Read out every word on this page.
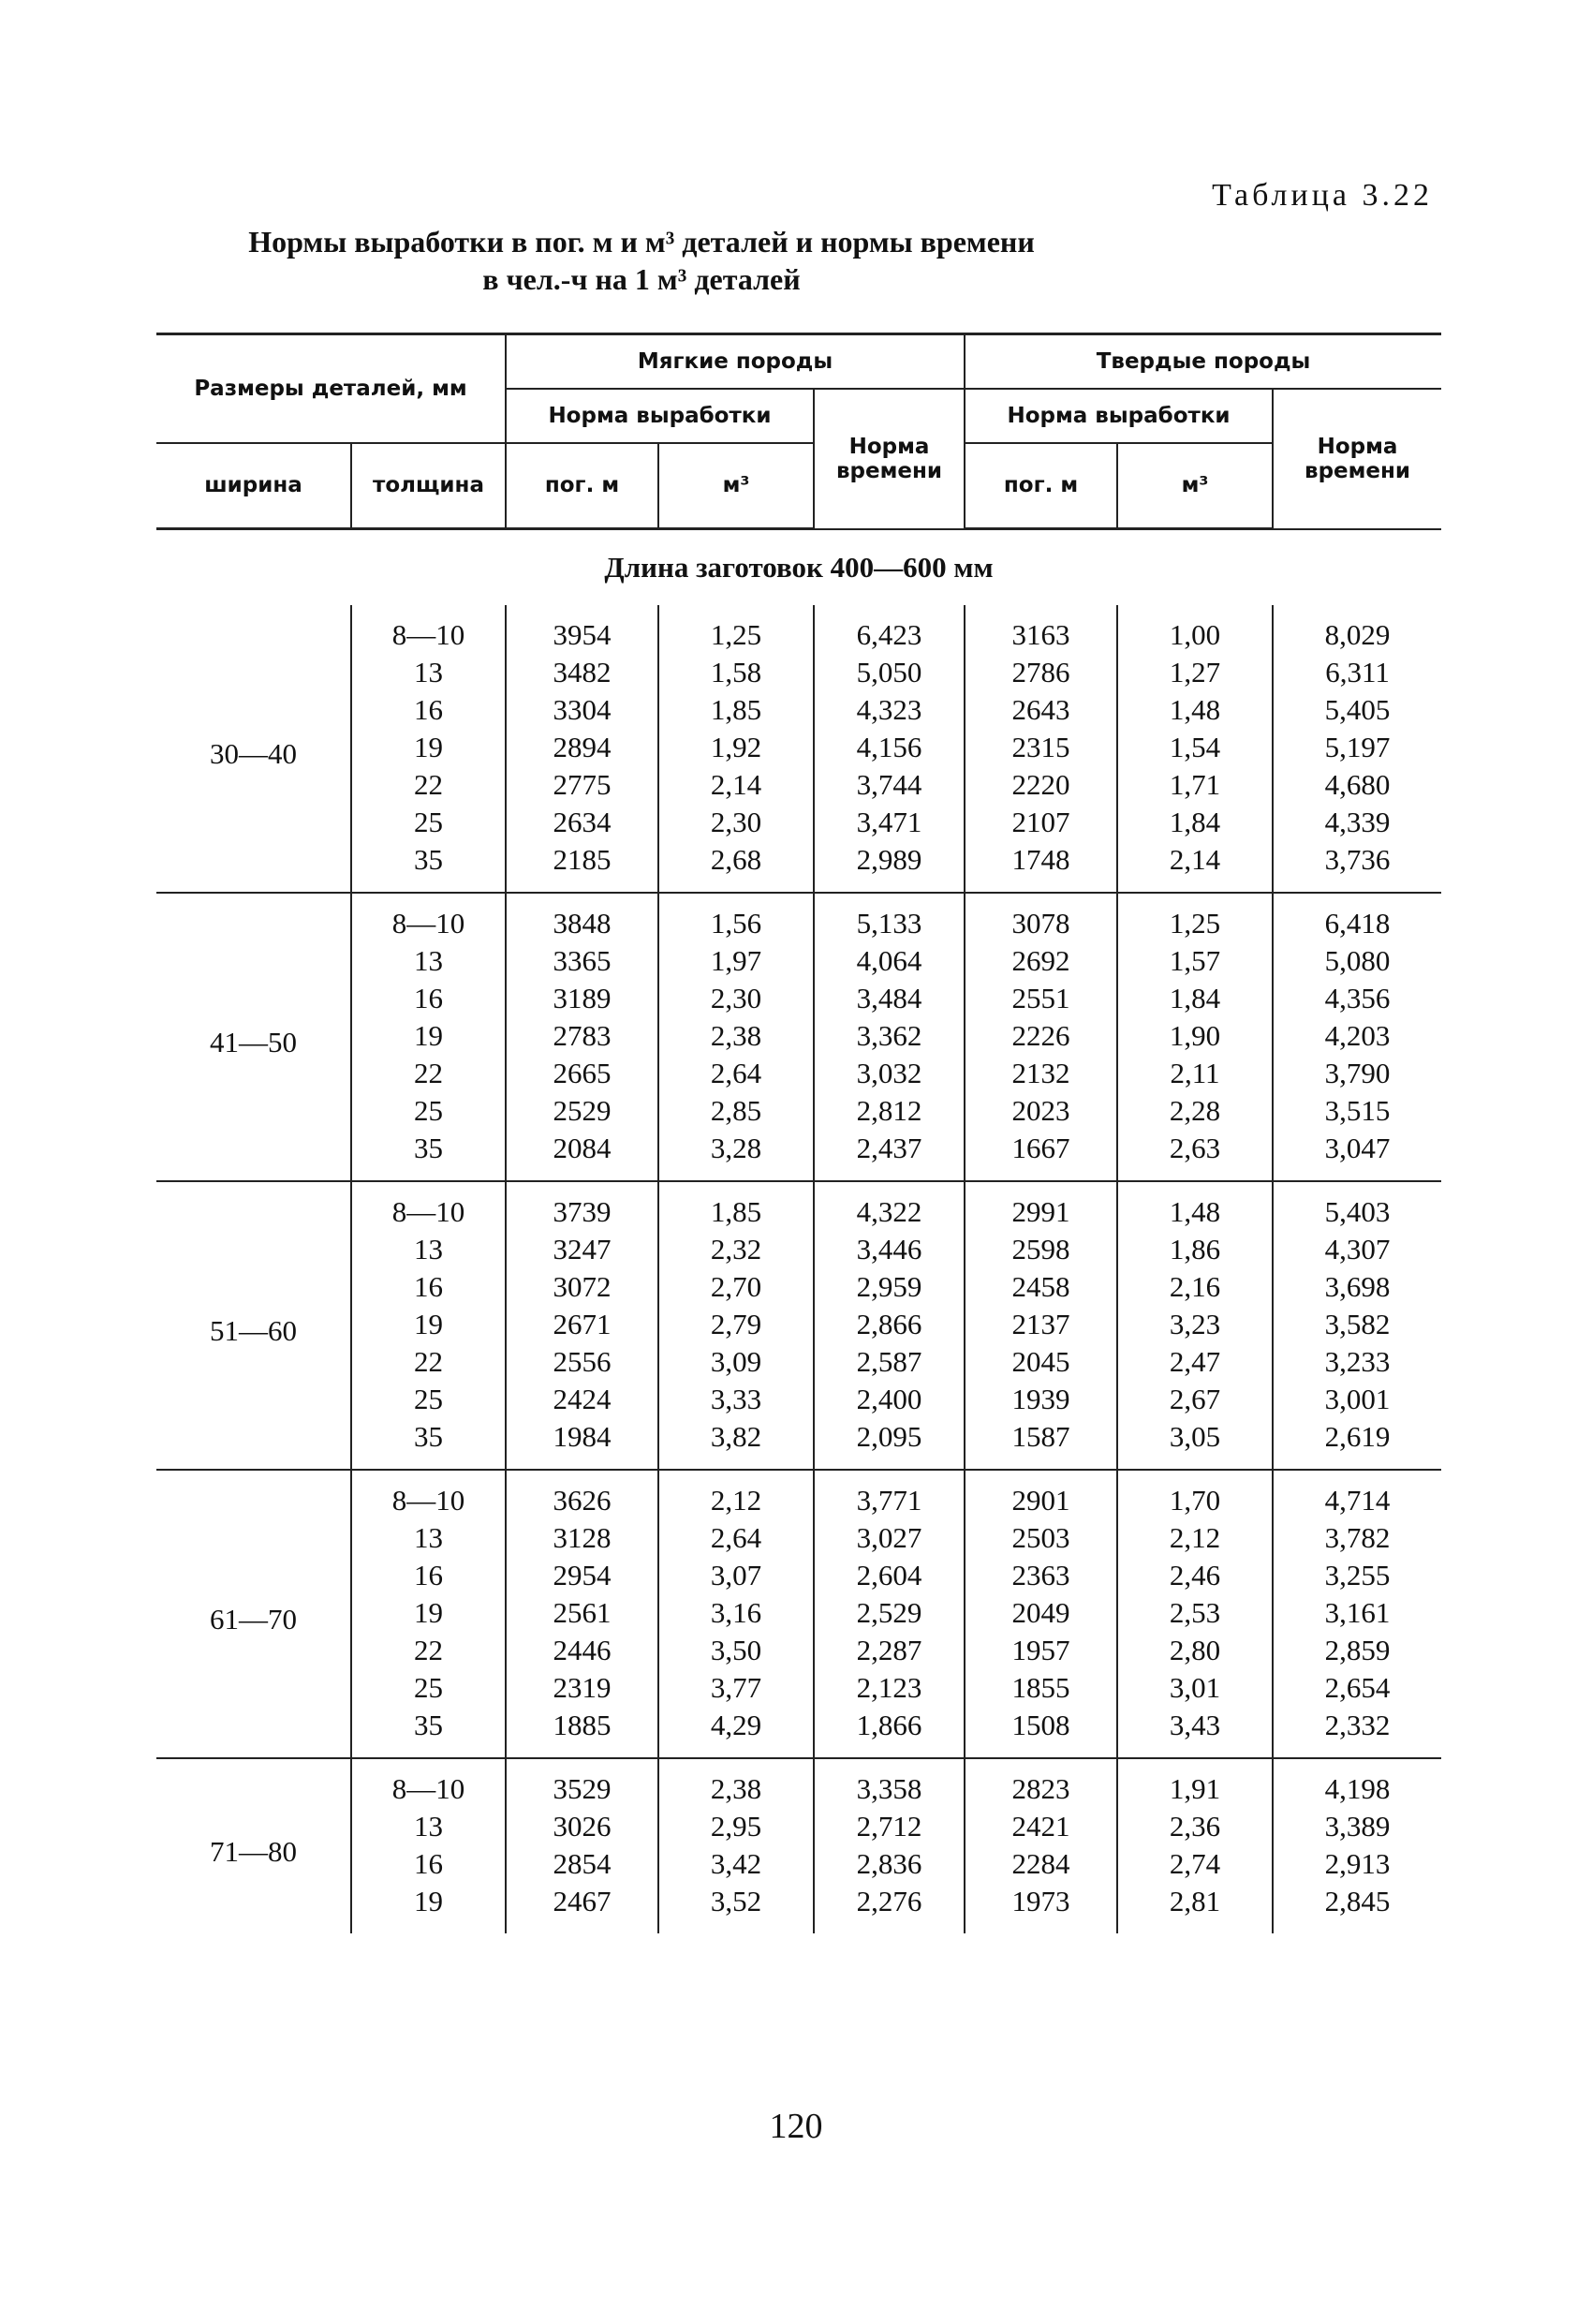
Таблица 3.22
Нормы выработки в пог. м и м³ деталей и нормы времени
в чел.-ч на 1 м³ деталей
Размеры деталей, мм		Мягкие породы			Твердые породы		
		Норма выработки		Норма времени	Норма выработки		Норма времени
ширина	толщина	пог. м	м³		пог. м	м³	
Длина заготовок 400—600 мм							
30—40	8—10	3954	1,25	6,423	3163	1,00	8,029
	13	3482	1,58	5,050	2786	1,27	6,311
	16	3304	1,85	4,323	2643	1,48	5,405
	19	2894	1,92	4,156	2315	1,54	5,197
	22	2775	2,14	3,744	2220	1,71	4,680
	25	2634	2,30	3,471	2107	1,84	4,339
	35	2185	2,68	2,989	1748	2,14	3,736
41—50	8—10	3848	1,56	5,133	3078	1,25	6,418
	13	3365	1,97	4,064	2692	1,57	5,080
	16	3189	2,30	3,484	2551	1,84	4,356
	19	2783	2,38	3,362	2226	1,90	4,203
	22	2665	2,64	3,032	2132	2,11	3,790
	25	2529	2,85	2,812	2023	2,28	3,515
	35	2084	3,28	2,437	1667	2,63	3,047
51—60	8—10	3739	1,85	4,322	2991	1,48	5,403
	13	3247	2,32	3,446	2598	1,86	4,307
	16	3072	2,70	2,959	2458	2,16	3,698
	19	2671	2,79	2,866	2137	3,23	3,582
	22	2556	3,09	2,587	2045	2,47	3,233
	25	2424	3,33	2,400	1939	2,67	3,001
	35	1984	3,82	2,095	1587	3,05	2,619
61—70	8—10	3626	2,12	3,771	2901	1,70	4,714
	13	3128	2,64	3,027	2503	2,12	3,782
	16	2954	3,07	2,604	2363	2,46	3,255
	19	2561	3,16	2,529	2049	2,53	3,161
	22	2446	3,50	2,287	1957	2,80	2,859
	25	2319	3,77	2,123	1855	3,01	2,654
	35	1885	4,29	1,866	1508	3,43	2,332
71—80	8—10	3529	2,38	3,358	2823	1,91	4,198
	13	3026	2,95	2,712	2421	2,36	3,389
	16	2854	3,42	2,836	2284	2,74	2,913
	19	2467	3,52	2,276	1973	2,81	2,845
120
